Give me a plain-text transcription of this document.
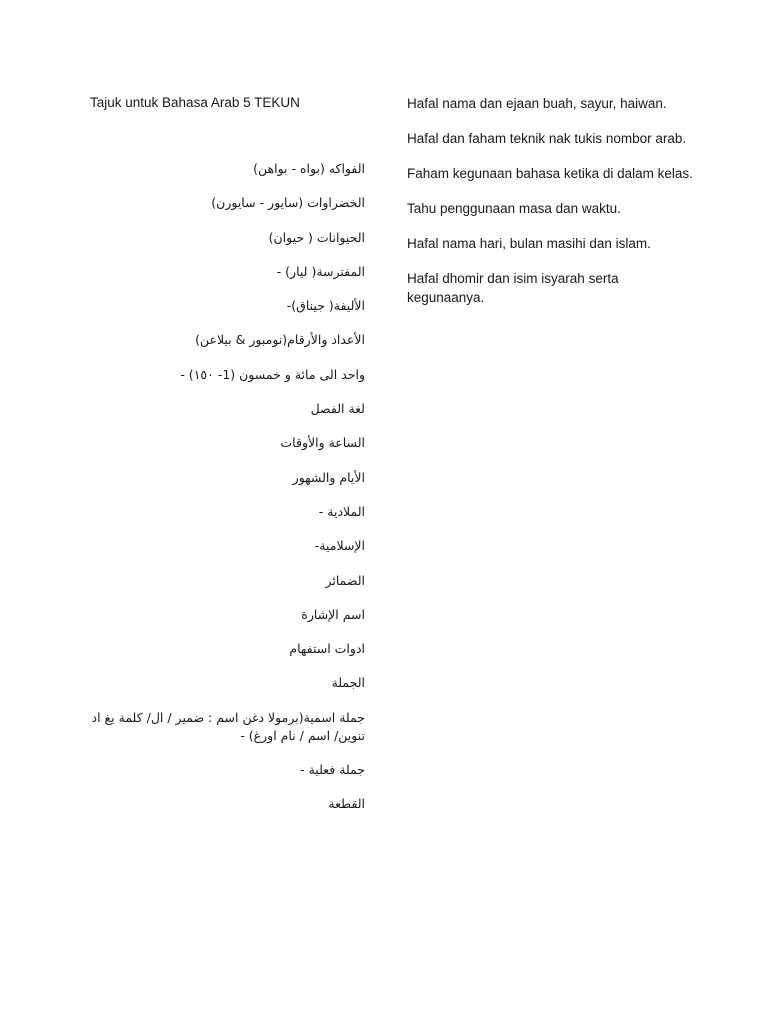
Tajuk untuk Bahasa Arab 5 TEKUN
الفواكه (بواه - بواهن)
الخضراوات (سايور - سايورن)
الحيوانات ( حيوان)
المفترسة( ليار) -
الأليفة( جيناق)-
الأعداد والأرقام(نومبور & بيلاعن)
واحد الى مائة و خمسون (1- ١٥٠) -
لغة الفصل
الساعة والأوقات
الأيام والشهور
الملادية -
الإسلامية-
الضمائر
اسم الإشارة
ادوات استفهام
الجملة
جملة اسمية(برمولا دغن اسم : ضمير / ال/ كلمة يغ اد تنوين/ اسم / نام اورغ) -
جملة فعلية -
القطعة
Hafal nama dan ejaan buah, sayur, haiwan.
Hafal dan faham teknik nak tukis nombor arab.
Faham kegunaan bahasa ketika di dalam kelas.
Tahu penggunaan masa dan waktu.
Hafal nama hari, bulan masihi dan islam.
Hafal dhomir dan isim isyarah serta kegunaanya.
